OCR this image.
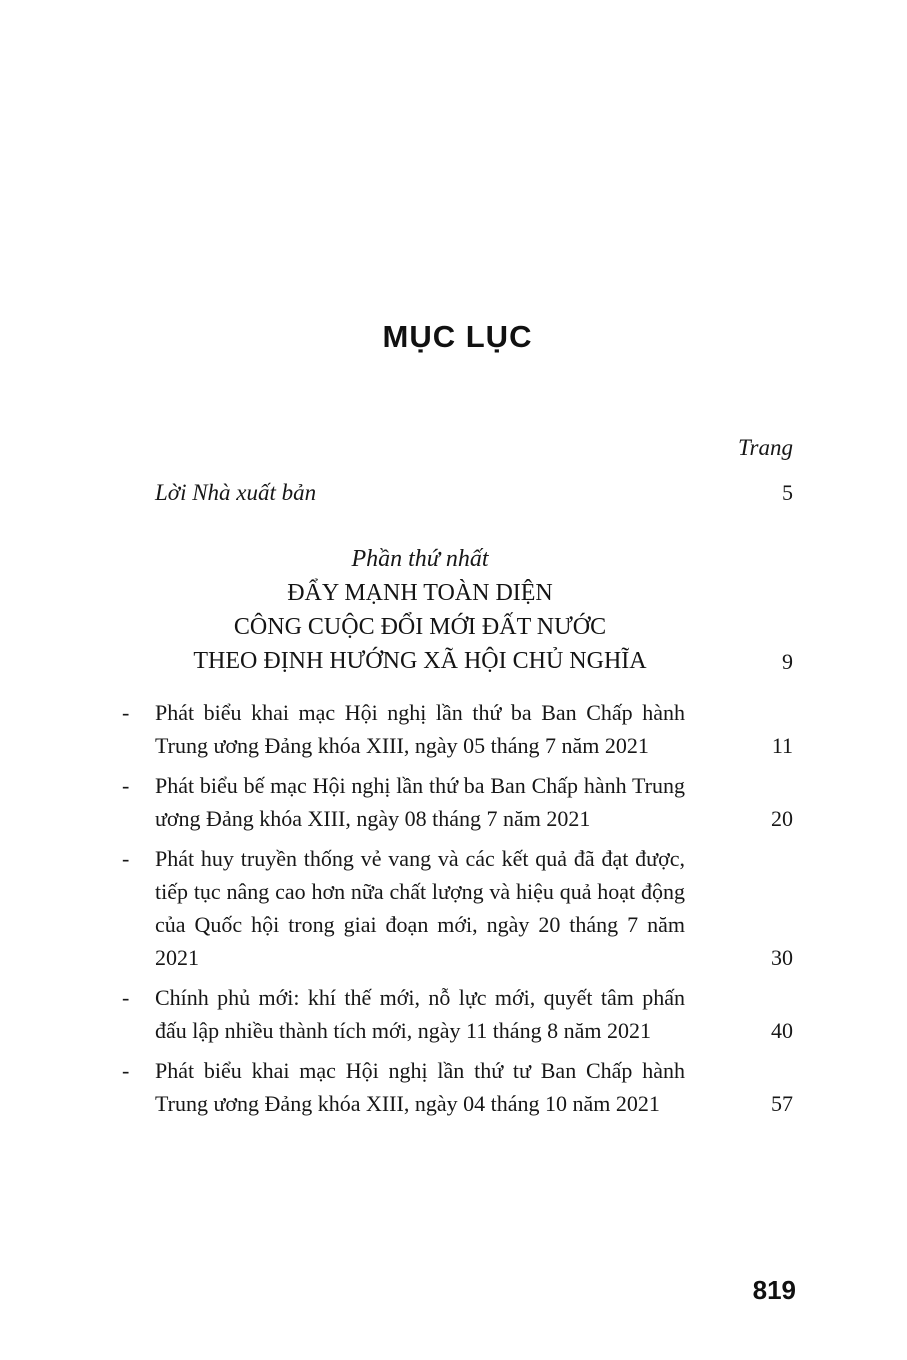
MỤC LỤC
Trang
Lời Nhà xuất bản	5
Phần thứ nhất
ĐẨY MẠNH TOÀN DIỆN
CÔNG CUỘC ĐỔI MỚI ĐẤT NƯỚC
THEO ĐỊNH HƯỚNG XÃ HỘI CHỦ NGHĨA	9
-	Phát biểu khai mạc Hội nghị lần thứ ba Ban Chấp hành Trung ương Đảng khóa XIII, ngày 05 tháng 7 năm 2021	11
-	Phát biểu bế mạc Hội nghị lần thứ ba Ban Chấp hành Trung ương Đảng khóa XIII, ngày 08 tháng 7 năm 2021	20
-	Phát huy truyền thống vẻ vang và các kết quả đã đạt được, tiếp tục nâng cao hơn nữa chất lượng và hiệu quả hoạt động của Quốc hội trong giai đoạn mới, ngày 20 tháng 7 năm 2021	30
-	Chính phủ mới: khí thế mới, nỗ lực mới, quyết tâm phấn đấu lập nhiều thành tích mới, ngày 11 tháng 8 năm 2021	40
-	Phát biểu khai mạc Hội nghị lần thứ tư Ban Chấp hành Trung ương Đảng khóa XIII, ngày 04 tháng 10 năm 2021	57
819
